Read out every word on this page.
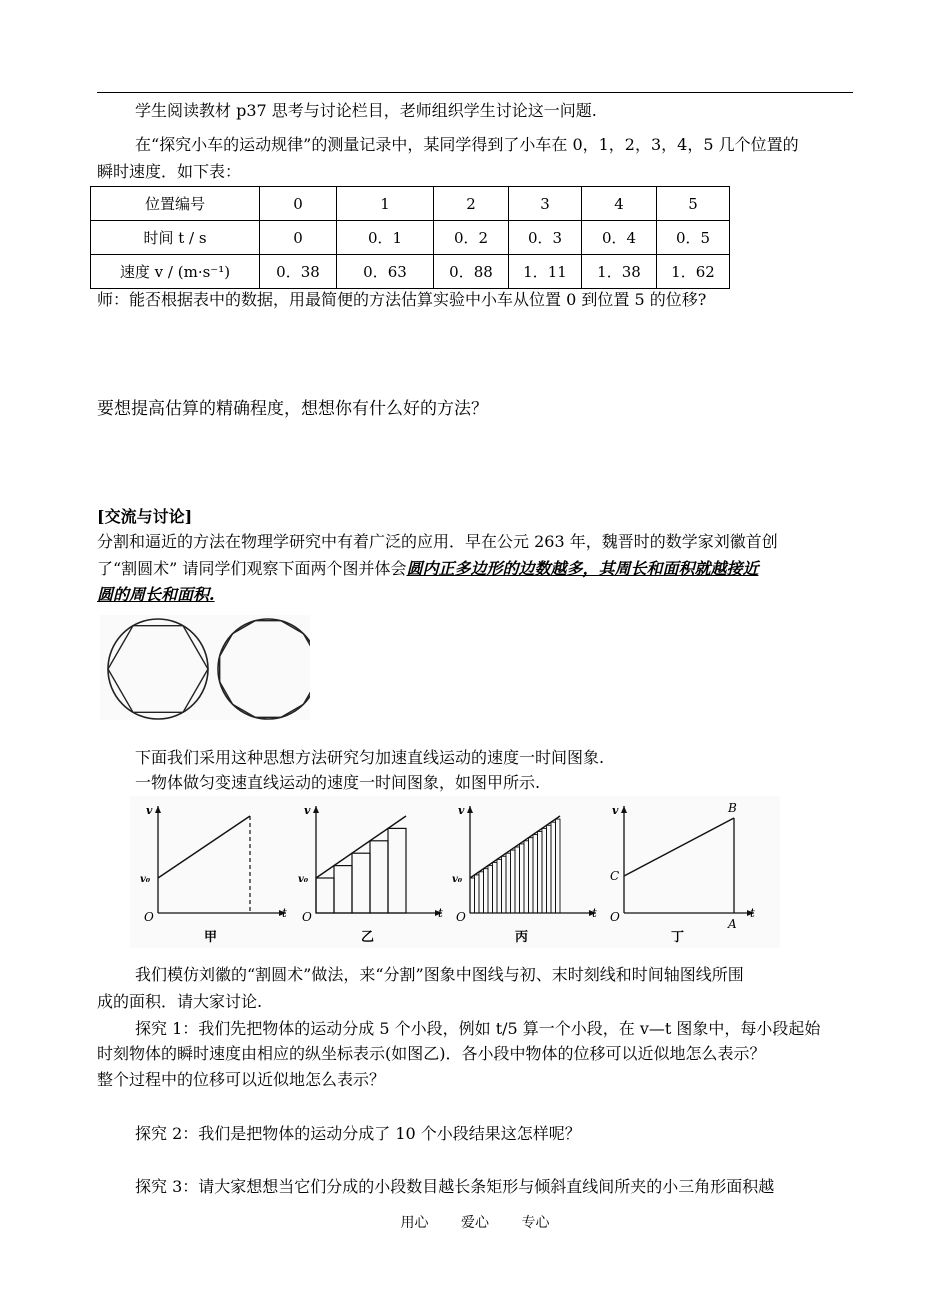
学生阅读教材 p37 思考与讨论栏目，老师组织学生讨论这一问题.
在“探究小车的运动规律”的测量记录中，某同学得到了小车在 0，1，2，3，4，5 几个位置的
瞬时速度．如下表：
位置编号	0	1	2	3	4	5
时间 t / s	0	0．1	0．2	0．3	0．4	0．5
速度 v / (m·s⁻¹)	0．38	0．63	0．88	1．11	1．38	1．62
师：能否根据表中的数据，用最简便的方法估算实验中小车从位置 0 到位置 5 的位移?
要想提高估算的精确程度，想想你有什么好的方法？
[交流与讨论]
分割和逼近的方法在物理学研究中有着广泛的应用．早在公元 263 年，魏晋时的数学家刘徽首创
了“割圆术” 请同学们观察下面两个图并体会圆内正多边形的边数越多，其周长和面积就越接近
圆的周长和面积.
下面我们采用这种思想方法研究匀加速直线运动的速度一时间图象.
一物体做匀变速直线运动的速度一时间图象，如图甲所示.
v
t
O
v₀
甲
v
t
O
v₀
乙
v
t
O
v₀
丙
v
t
O
B
C
A
丁
我们模仿刘徽的“割圆术”做法，来“分割”图象中图线与初、末时刻线和时间轴图线所围
成的面积．请大家讨论.
探究 1：我们先把物体的运动分成 5 个小段，例如 t/5 算一个小段，在 v—t 图象中，每小段起始
时刻物体的瞬时速度由相应的纵坐标表示(如图乙)．各小段中物体的位移可以近似地怎么表示？
整个过程中的位移可以近似地怎么表示？
探究 2：我们是把物体的运动分成了 10 个小段结果这怎样呢？
探究 3：请大家想想当它们分成的小段数目越长条矩形与倾斜直线间所夹的小三角形面积越
用心 爱心 专心
